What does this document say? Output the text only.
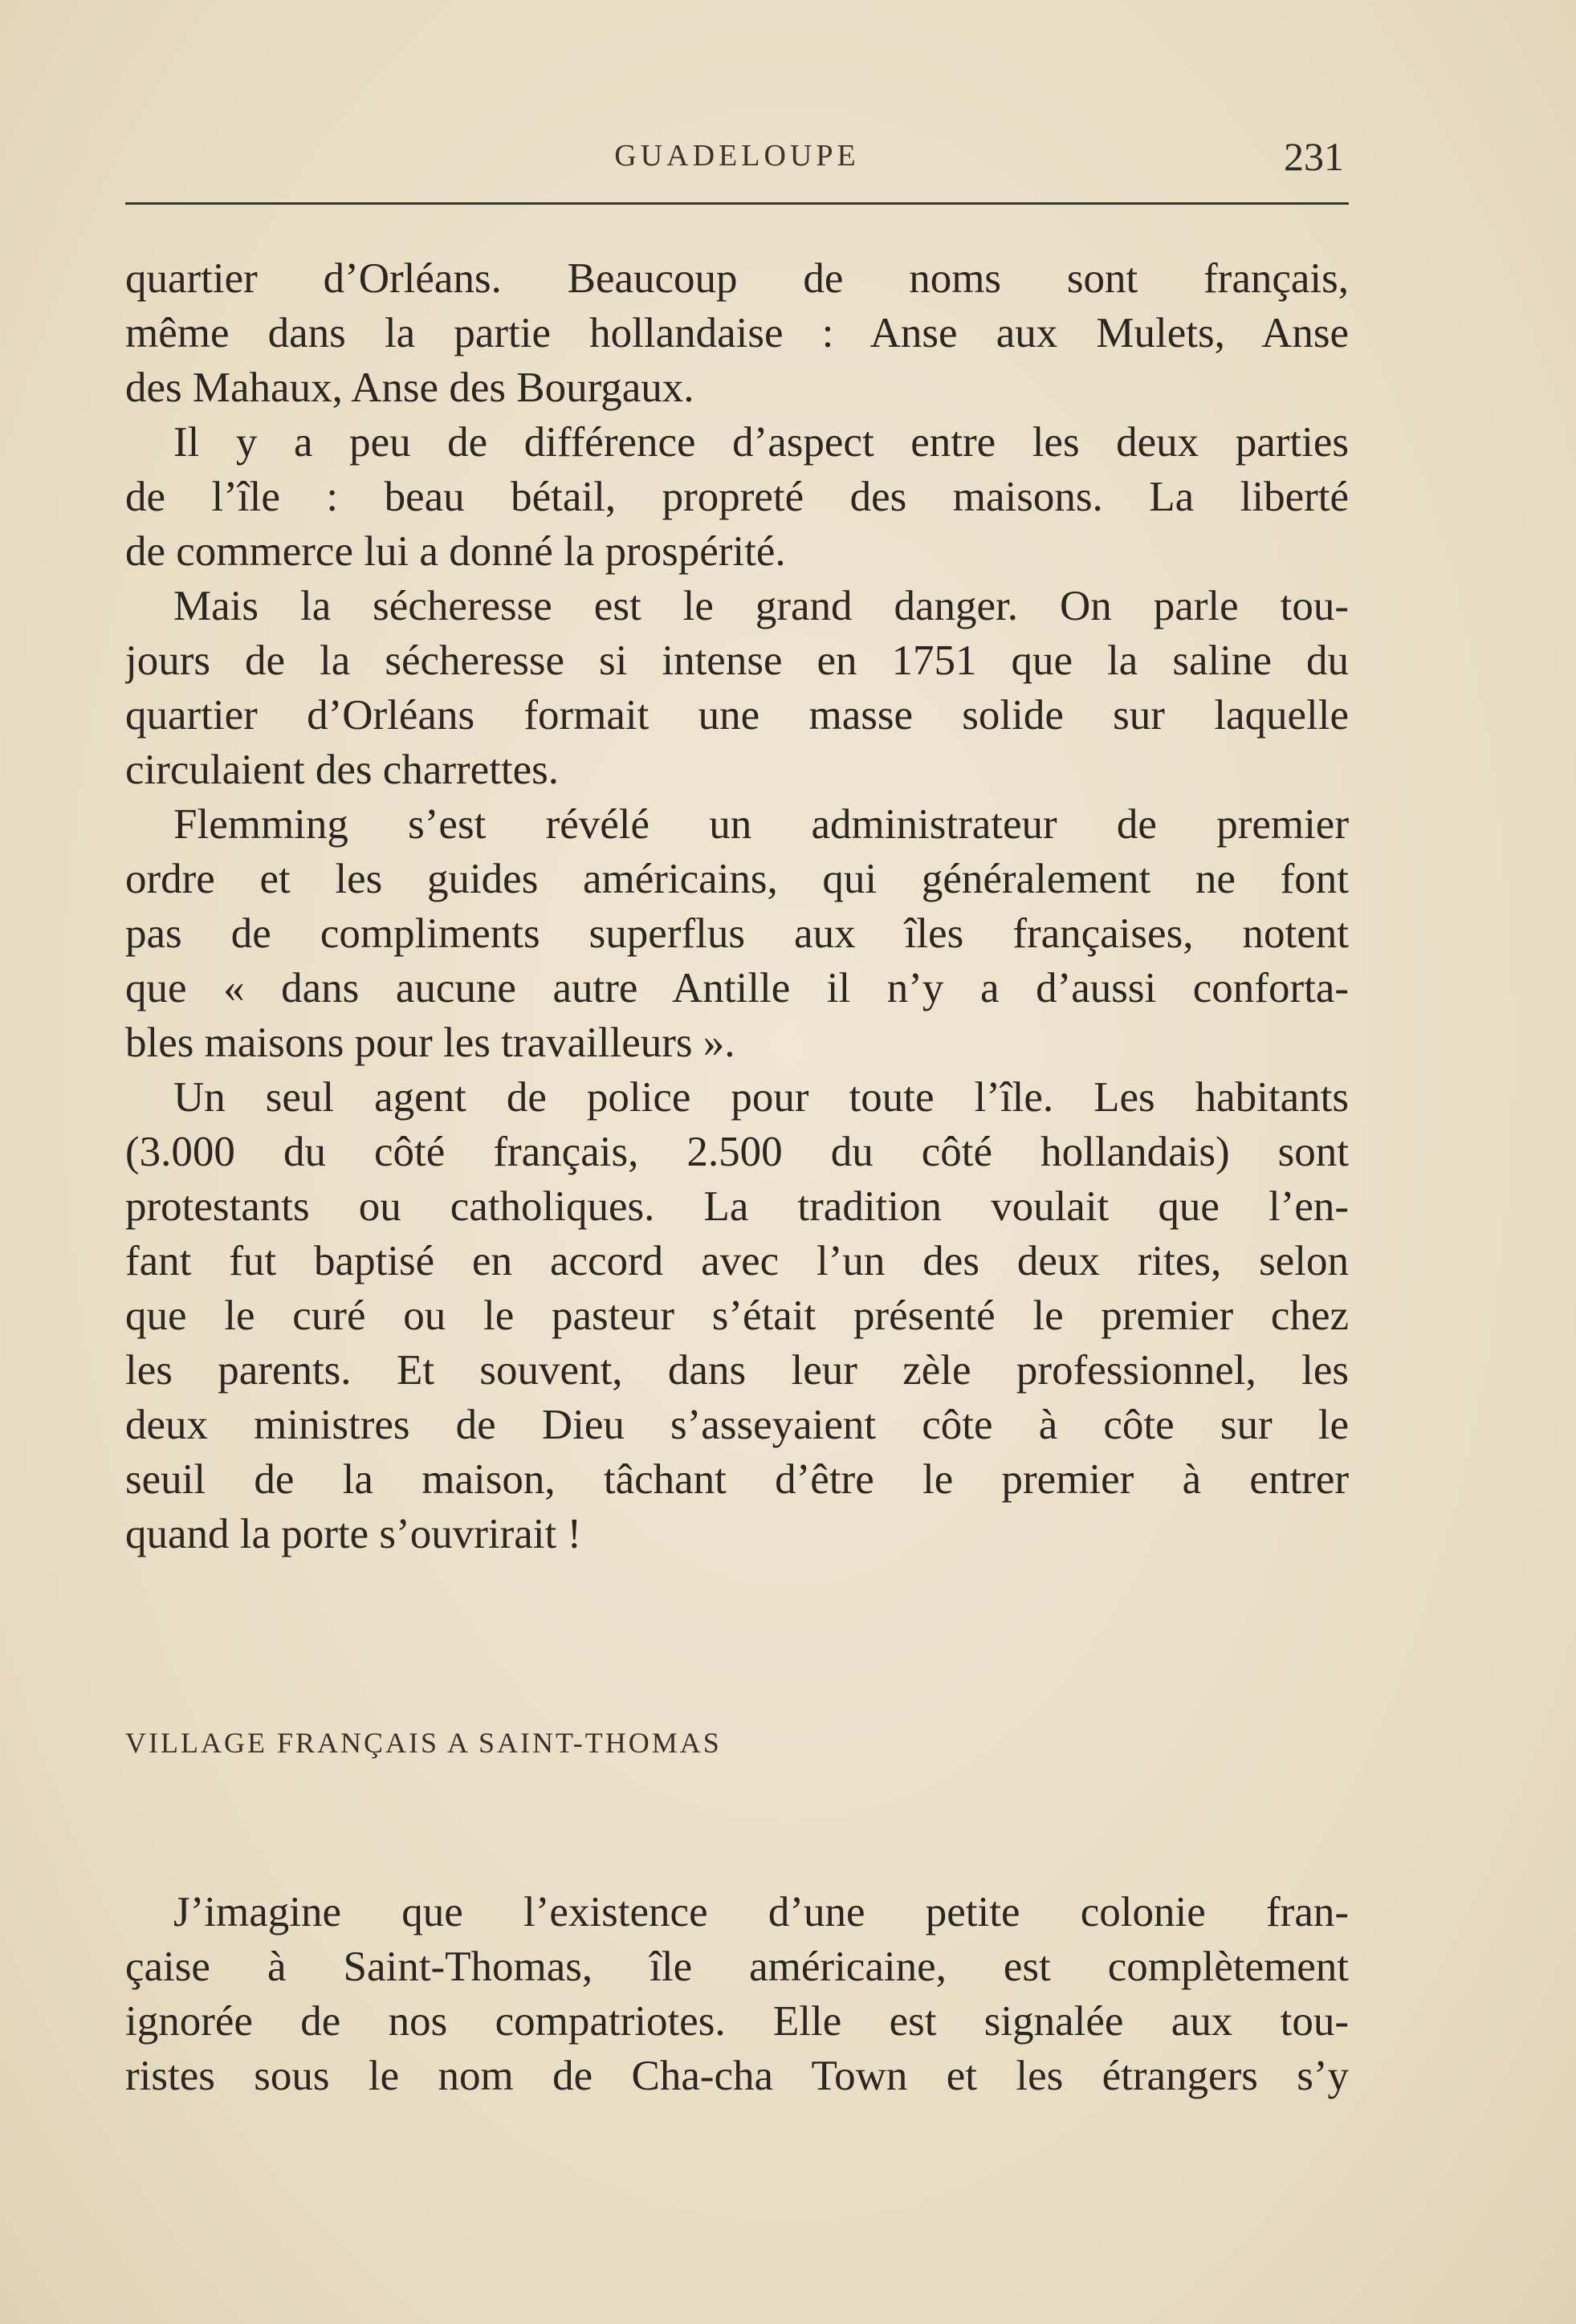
GUADELOUPE	231
quartier d’Orléans. Beaucoup de noms sont français,
même dans la partie hollandaise : Anse aux Mulets, Anse
des Mahaux, Anse des Bourgaux.
Il y a peu de différence d’aspect entre les deux parties
de l’île : beau bétail, propreté des maisons. La liberté
de commerce lui a donné la prospérité.
Mais la sécheresse est le grand danger. On parle tou-
jours de la sécheresse si intense en 1751 que la saline du
quartier d’Orléans formait une masse solide sur laquelle
circulaient des charrettes.
Flemming s’est révélé un administrateur de premier
ordre et les guides américains, qui généralement ne font
pas de compliments superflus aux îles françaises, notent
que « dans aucune autre Antille il n’y a d’aussi conforta-
bles maisons pour les travailleurs ».
Un seul agent de police pour toute l’île. Les habitants
(3.000 du côté français, 2.500 du côté hollandais) sont
protestants ou catholiques. La tradition voulait que l’en-
fant fut baptisé en accord avec l’un des deux rites, selon
que le curé ou le pasteur s’était présenté le premier chez
les parents. Et souvent, dans leur zèle professionnel, les
deux ministres de Dieu s’asseyaient côte à côte sur le
seuil de la maison, tâchant d’être le premier à entrer
quand la porte s’ouvrirait !
VILLAGE FRANÇAIS A SAINT-THOMAS
J’imagine que l’existence d’une petite colonie fran-
çaise à Saint-Thomas, île américaine, est complètement
ignorée de nos compatriotes. Elle est signalée aux tou-
ristes sous le nom de Cha-cha Town et les étrangers s’y
